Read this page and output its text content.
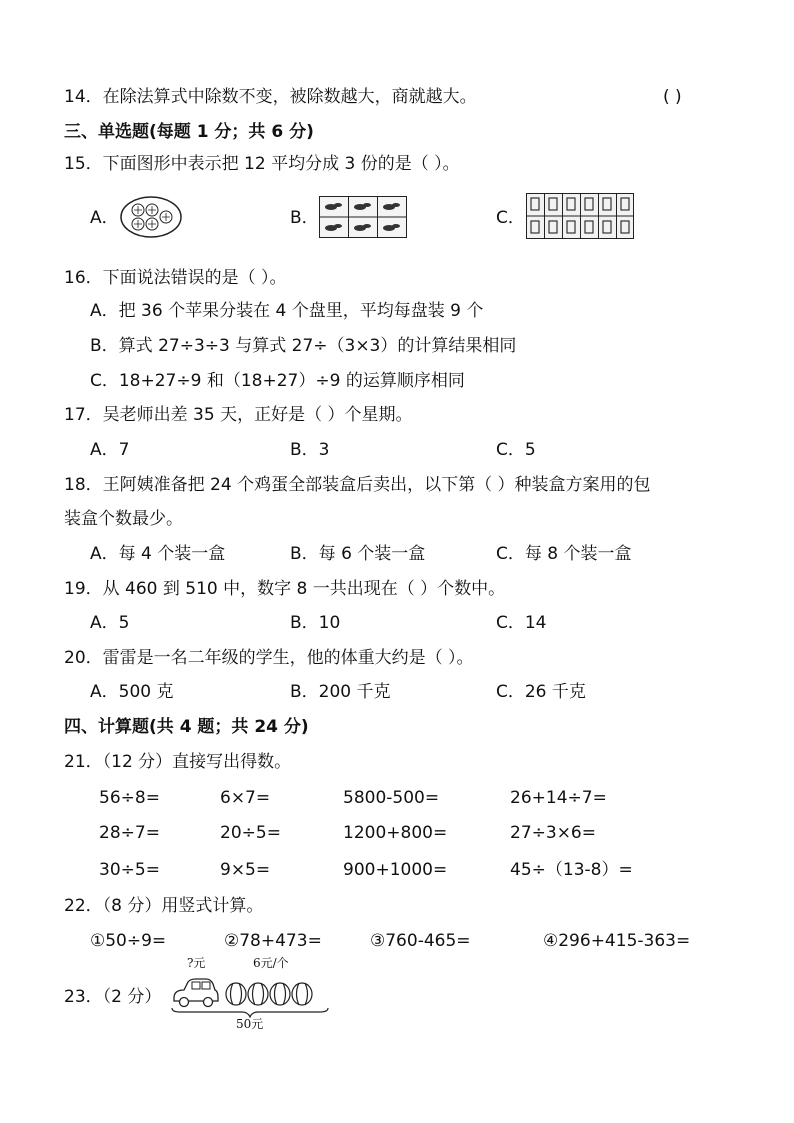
14．在除法算式中除数不变，被除数越大，商就越大。	( )
三、单选题(每题 1 分；共 6 分)
15．下面图形中表示把 12 平均分成 3 份的是（ ）。
A．	B．	C．
16．下面说法错误的是（ ）。
A．把 36 个苹果分装在 4 个盘里，平均每盘装 9 个
B．算式 27÷3÷3 与算式 27÷（3×3）的计算结果相同
C．18+27÷9 和（18+27）÷9 的运算顺序相同
17．吴老师出差 35 天，正好是（ ）个星期。
A．7	B．3	C．5
18．王阿姨准备把 24 个鸡蛋全部装盒后卖出，以下第（ ）种装盒方案用的包
装盒个数最少。
A．每 4 个装一盒	B．每 6 个装一盒	C．每 8 个装一盒
19．从 460 到 510 中，数字 8 一共出现在（ ）个数中。
A．5	B．10	C．14
20．雷雷是一名二年级的学生，他的体重大约是（ ）。
A．500 克	B．200 千克	C．26 千克
四、计算题(共 4 题；共 24 分)
21．（12 分）直接写出得数。
56÷8=	6×7=	5800-500=	26+14÷7=
28÷7=	20÷5=	1200+800=	27÷3×6=
30÷5=	9×5=	900+1000=	45÷（13-8）=
22．（8 分）用竖式计算。
①50÷9=	②78+473=	③760-465=	④296+415-363=
23．（2 分）
?元	6元/个
50元
